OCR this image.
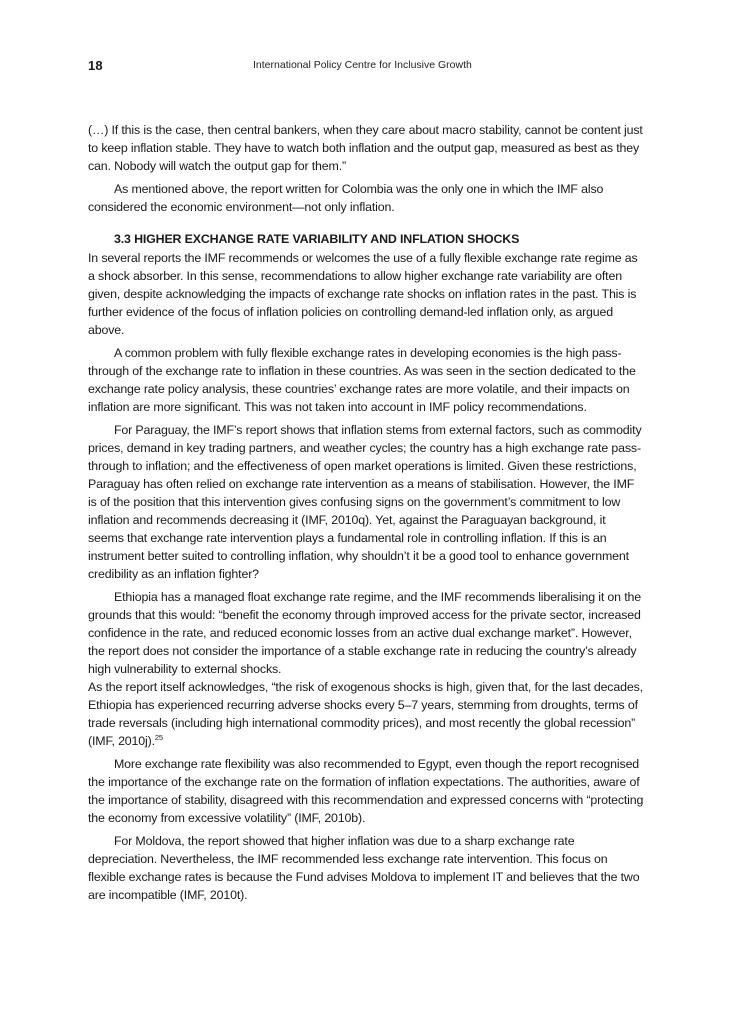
18	International Policy Centre for Inclusive Growth

(…) If this is the case, then central bankers, when they care about macro stability, cannot be content just to keep inflation stable. They have to watch both inflation and the output gap, measured as best as they can. Nobody will watch the output gap for them.”

As mentioned above, the report written for Colombia was the only one in which the IMF also considered the economic environment—not only inflation.

3.3 HIGHER EXCHANGE RATE VARIABILITY AND INFLATION SHOCKS

In several reports the IMF recommends or welcomes the use of a fully flexible exchange rate regime as a shock absorber. In this sense, recommendations to allow higher exchange rate variability are often given, despite acknowledging the impacts of exchange rate shocks on inflation rates in the past. This is further evidence of the focus of inflation policies on controlling demand-led inflation only, as argued above.

A common problem with fully flexible exchange rates in developing economies is the high pass-through of the exchange rate to inflation in these countries. As was seen in the section dedicated to the exchange rate policy analysis, these countries’ exchange rates are more volatile, and their impacts on inflation are more significant. This was not taken into account in IMF policy recommendations.

For Paraguay, the IMF’s report shows that inflation stems from external factors, such as commodity prices, demand in key trading partners, and weather cycles; the country has a high exchange rate pass-through to inflation; and the effectiveness of open market operations is limited. Given these restrictions, Paraguay has often relied on exchange rate intervention as a means of stabilisation. However, the IMF is of the position that this intervention gives confusing signs on the government’s commitment to low inflation and recommends decreasing it (IMF, 2010q). Yet, against the Paraguayan background, it seems that exchange rate intervention plays a fundamental role in controlling inflation. If this is an instrument better suited to controlling inflation, why shouldn’t it be a good tool to enhance government credibility as an inflation fighter?

Ethiopia has a managed float exchange rate regime, and the IMF recommends liberalising it on the grounds that this would: “benefit the economy through improved access for the private sector, increased confidence in the rate, and reduced economic losses from an active dual exchange market”. However, the report does not consider the importance of a stable exchange rate in reducing the country’s already high vulnerability to external shocks.

As the report itself acknowledges, “the risk of exogenous shocks is high, given that, for the last decades, Ethiopia has experienced recurring adverse shocks every 5–7 years, stemming from droughts, terms of trade reversals (including high international commodity prices), and most recently the global recession” (IMF, 2010j).$^{25}$

More exchange rate flexibility was also recommended to Egypt, even though the report recognised the importance of the exchange rate on the formation of inflation expectations. The authorities, aware of the importance of stability, disagreed with this recommendation and expressed concerns with “protecting the economy from excessive volatility” (IMF, 2010b).

For Moldova, the report showed that higher inflation was due to a sharp exchange rate depreciation. Nevertheless, the IMF recommended less exchange rate intervention. This focus on flexible exchange rates is because the Fund advises Moldova to implement IT and believes that the two are incompatible (IMF, 2010t).
